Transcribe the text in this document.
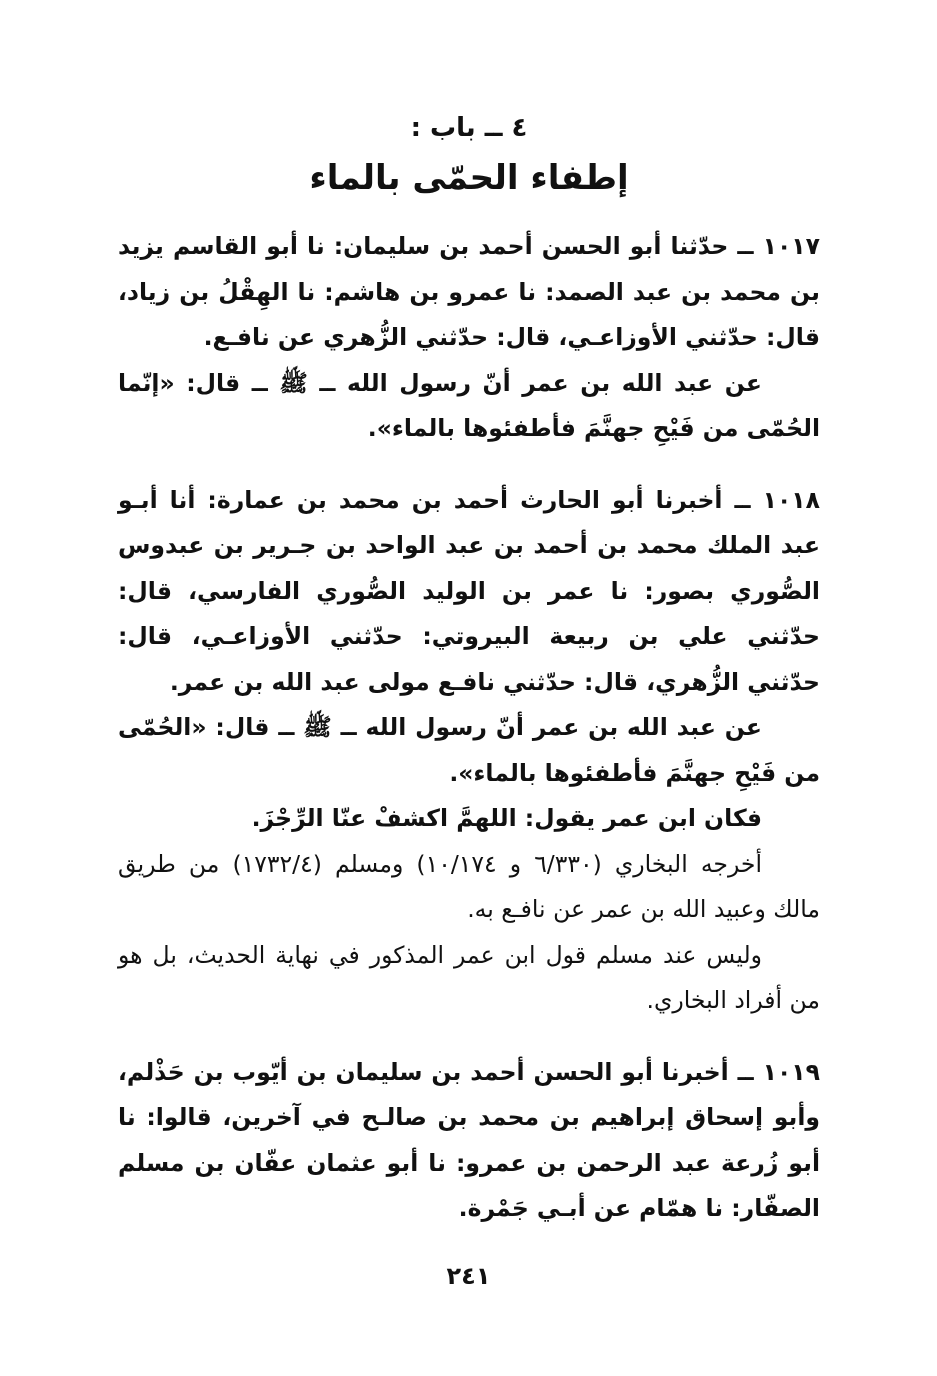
٤ ــ باب :
إطفاء الحمّى بالماء

١٠١٧ ــ حدّثنا أبو الحسن أحمد بن سليمان: نا أبو القاسم يزيد بن محمد بن عبد الصمد: نا عمرو بن هاشم: نا الهِقْلُ بن زياد، قال: حدّثني الأوزاعـي، قال: حدّثني الزُّهري عن نافـع.

عن عبد الله بن عمر أنّ رسول الله ــ ﷺ ــ قال: «إنّما الحُمّى من فَيْحِ جهنَّمَ فأطفئوها بالماء».

١٠١٨ ــ أخبرنا أبو الحارث أحمد بن محمد بن عمارة: أنا أبـو عبد الملك محمد بن أحمد بن عبد الواحد بن جـرير بن عبدوس الصُّوري بصور: نا عمر بن الوليد الصُّوري الفارسي، قال: حدّثني علي بن ربيعة البيروتي: حدّثني الأوزاعـي، قال: حدّثني الزُّهري، قال: حدّثني نافـع مولى عبد الله بن عمر.

عن عبد الله بن عمر أنّ رسول الله ــ ﷺ ــ قال: «الحُمّى من فَيْحِ جهنَّمَ فأطفئوها بالماء».

فكان ابن عمر يقول: اللهمَّ اكشفْ عنّا الرِّجْزَ.

أخرجه البخاري (٦/٣٣٠ و ١٠/١٧٤) ومسلم (١٧٣٢/٤) من طريق مالك وعبيد الله بن عمر عن نافـع به.

وليس عند مسلم قول ابن عمر المذكور في نهاية الحديث، بل هو من أفراد البخاري.

١٠١٩ ــ أخبرنا أبو الحسن أحمد بن سليمان بن أيّوب بن حَذْلم، وأبو إسحاق إبراهيم بن محمد بن صالـح في آخرين، قالوا: نا أبو زُرعة عبد الرحمن بن عمرو: نا أبو عثمان عفّان بن مسلم الصفّار: نا همّام عن أبـي جَمْرة.

٢٤١
